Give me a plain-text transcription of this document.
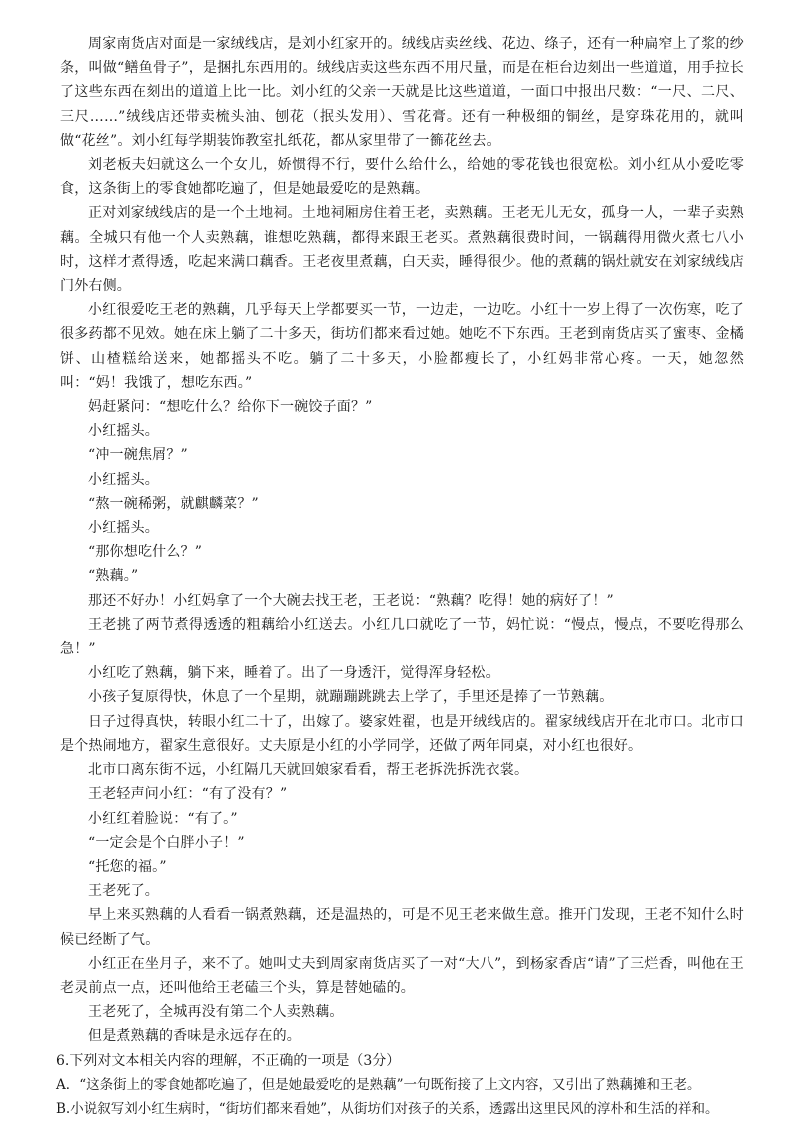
周家南货店对面是一家绒线店，是刘小红家开的。绒线店卖丝线、花边、绦子，还有一种扁窄上了浆的纱条，叫做“鳝鱼骨子”，是捆扎东西用的。绒线店卖这些东西不用尺量，而是在柜台边刻出一些道道，用手拉长了这些东西在刻出的道道上比一比。刘小红的父亲一天就是比这些道道，一面口中报出尺数：“一尺、二尺、三尺……”绒线店还带卖梳头油、刨花（抿头发用）、雪花膏。还有一种极细的铜丝，是穿珠花用的，就叫做“花丝”。刘小红每学期装饰教室扎纸花，都从家里带了一籂花丝去。

刘老板夫妇就这么一个女儿，娇惯得不行，要什么给什么，给她的零花钱也很宽松。刘小红从小爱吃零食，这条街上的零食她都吃遍了，但是她最爱吃的是熟藕。

正对刘家绒线店的是一个土地祠。土地祠厢房住着王老，卖熟藕。王老无儿无女，孤身一人，一辈子卖熟藕。全城只有他一个人卖熟藕，谁想吃熟藕，都得来跟王老买。煮熟藕很费时间，一锅藕得用微火煮七八小时，这样才煮得透，吃起来满口藕香。王老夜里煮藕，白天卖，睡得很少。他的煮藕的锅灶就安在刘家绒线店门外右侧。

小红很爱吃王老的熟藕，几乎每天上学都要买一节，一边走，一边吃。小红十一岁上得了一次伤寒，吃了很多药都不见效。她在床上躺了二十多天，街坊们都来看过她。她吃不下东西。王老到南货店买了蜜枣、金橘饼、山楂糕给送来，她都摇头不吃。躺了二十多天，小脸都瘦长了，小红妈非常心疼。一天，她忽然叫：“妈！我饿了，想吃东西。”

妈赶紧问：“想吃什么？给你下一碗饺子面？”

小红摇头。

“冲一碗焦屑？”

小红摇头。

“熬一碗稀粥，就麒麟菜？”

小红摇头。

“那你想吃什么？”

“熟藕。”

那还不好办！小红妈拿了一个大碗去找王老，王老说：“熟藕？吃得！她的病好了！”

王老挑了两节煮得透透的粗藕给小红送去。小红几口就吃了一节，妈忙说：“慢点，慢点，不要吃得那么急！”

小红吃了熟藕，躺下来，睡着了。出了一身透汗，觉得浑身轻松。

小孩子复原得快，休息了一个星期，就蹦蹦跳跳去上学了，手里还是捧了一节熟藕。

日子过得真快，转眼小红二十了，出嫁了。婆家姓翟，也是开绒线店的。翟家绒线店开在北市口。北市口是个热闹地方，翟家生意很好。丈夫原是小红的小学同学，还做了两年同桌，对小红也很好。

北市口离东街不远，小红隔几天就回娘家看看，帮王老拆洗拆洗衣裳。

王老轻声问小红：“有了没有？”

小红红着脸说：“有了。”

“一定会是个白胖小子！”

“托您的福。”

王老死了。

早上来买熟藕的人看看一锅煮熟藕，还是温热的，可是不见王老来做生意。推开门发现，王老不知什么时候已经断了气。

小红正在坐月子，来不了。她叫丈夫到周家南货店买了一对“大八”，到杨家香店“请”了三烂香，叫他在王老灵前点一点，还叫他给王老磕三个头，算是替她磕的。

王老死了，全城再没有第二个人卖熟藕。

但是煮熟藕的香味是永远存在的。

6.下列对文本相关内容的理解，不正确的一项是（3分）

A．“这条街上的零食她都吃遍了，但是她最爱吃的是熟藕”一句既衔接了上文内容，又引出了熟藕摊和王老。

B.小说叙写刘小红生病时，“街坊们都来看她”，从街坊们对孩子的关系，透露出这里民风的淳朴和生活的祥和。
